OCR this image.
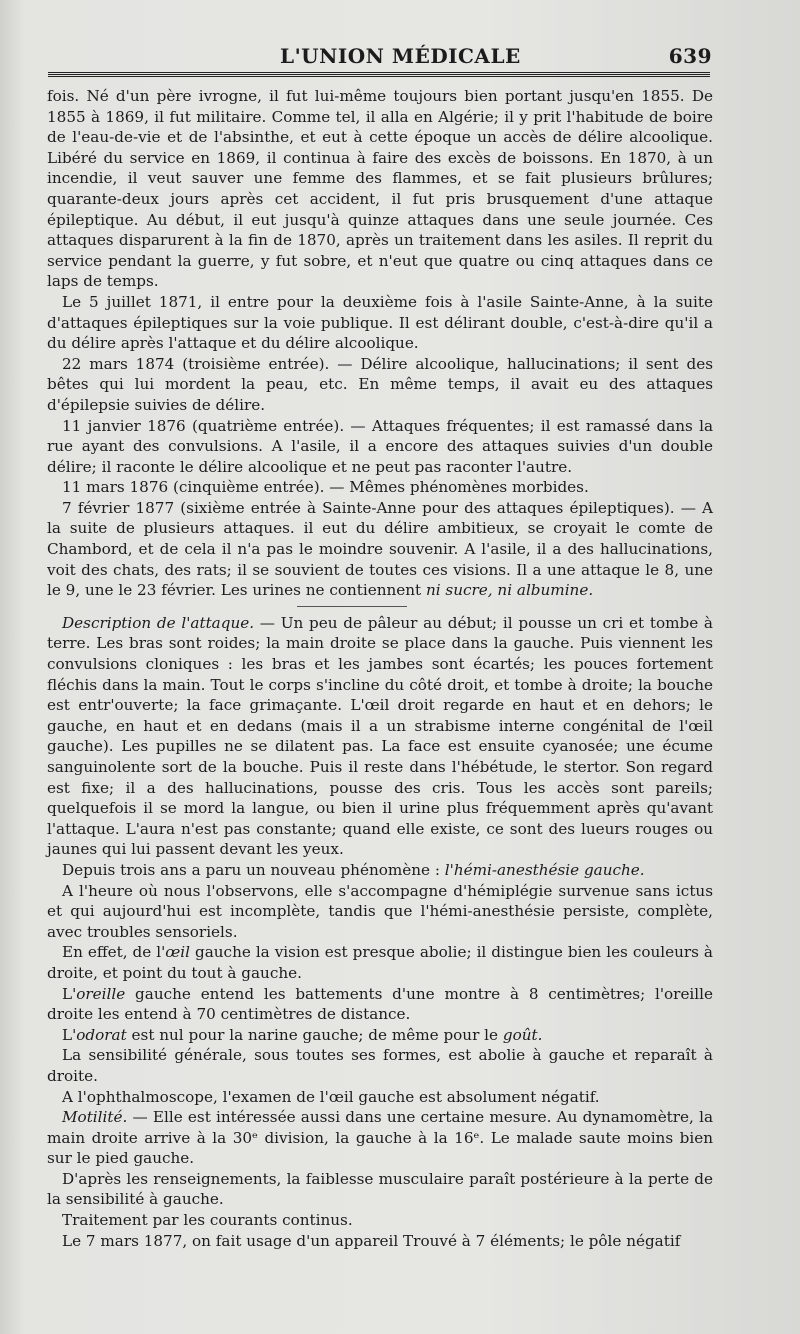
L'UNION MÉDICALE	639

fois. Né d'un père ivrogne, il fut lui-même toujours bien portant jusqu'en 1855. De 1855 à 1869, il fut militaire. Comme tel, il alla en Algérie; il y prit l'habitude de boire de l'eau-de-vie et de l'absinthe, et eut à cette époque un accès de délire alcoolique. Libéré du service en 1869, il continua à faire des excès de boissons. En 1870, à un incendie, il veut sauver une femme des flammes, et se fait plusieurs brûlures; quarante-deux jours après cet accident, il fut pris brusquement d'une attaque épileptique. Au début, il eut jusqu'à quinze attaques dans une seule journée. Ces attaques disparurent à la fin de 1870, après un traitement dans les asiles. Il reprit du service pendant la guerre, y fut sobre, et n'eut que quatre ou cinq attaques dans ce laps de temps.

Le 5 juillet 1871, il entre pour la deuxième fois à l'asile Sainte-Anne, à la suite d'attaques épileptiques sur la voie publique. Il est délirant double, c'est-à-dire qu'il a du délire après l'attaque et du délire alcoolique.

22 mars 1874 (troisième entrée). — Délire alcoolique, hallucinations; il sent des bêtes qui lui mordent la peau, etc. En même temps, il avait eu des attaques d'épilepsie suivies de délire.

11 janvier 1876 (quatrième entrée). — Attaques fréquentes; il est ramassé dans la rue ayant des convulsions. A l'asile, il a encore des attaques suivies d'un double délire; il raconte le délire alcoolique et ne peut pas raconter l'autre.

11 mars 1876 (cinquième entrée). — Mêmes phénomènes morbides.

7 février 1877 (sixième entrée à Sainte-Anne pour des attaques épileptiques). — A la suite de plusieurs attaques. il eut du délire ambitieux, se croyait le comte de Chambord, et de cela il n'a pas le moindre souvenir. A l'asile, il a des hallucinations, voit des chats, des rats; il se souvient de toutes ces visions. Il a une attaque le 8, une le 9, une le 23 février. Les urines ne contiennent ni sucre, ni albumine.

Description de l'attaque. — Un peu de pâleur au début; il pousse un cri et tombe à terre. Les bras sont roides; la main droite se place dans la gauche. Puis viennent les convulsions cloniques : les bras et les jambes sont écartés; les pouces fortement fléchis dans la main. Tout le corps s'incline du côté droit, et tombe à droite; la bouche est entr'ouverte; la face grimaçante. L'œil droit regarde en haut et en dehors; le gauche, en haut et en dedans (mais il a un strabisme interne congénital de l'œil gauche). Les pupilles ne se dilatent pas. La face est ensuite cyanosée; une écume sanguinolente sort de la bouche. Puis il reste dans l'hébétude, le stertor. Son regard est fixe; il a des hallucinations, pousse des cris. Tous les accès sont pareils; quelquefois il se mord la langue, ou bien il urine plus fréquemment après qu'avant l'attaque. L'aura n'est pas constante; quand elle existe, ce sont des lueurs rouges ou jaunes qui lui passent devant les yeux.

Depuis trois ans a paru un nouveau phénomène : l'hémi-anesthésie gauche.

A l'heure où nous l'observons, elle s'accompagne d'hémiplégie survenue sans ictus et qui aujourd'hui est incomplète, tandis que l'hémi-anesthésie persiste, complète, avec troubles sensoriels.

En effet, de l'œil gauche la vision est presque abolie; il distingue bien les couleurs à droite, et point du tout à gauche.

L'oreille gauche entend les battements d'une montre à 8 centimètres; l'oreille droite les entend à 70 centimètres de distance.

L'odorat est nul pour la narine gauche; de même pour le goût.

La sensibilité générale, sous toutes ses formes, est abolie à gauche et reparaît à droite.

A l'ophthalmoscope, l'examen de l'œil gauche est absolument négatif.

Motilité. — Elle est intéressée aussi dans une certaine mesure. Au dynamomètre, la main droite arrive à la 30ᵉ division, la gauche à la 16ᵉ. Le malade saute moins bien sur le pied gauche.

D'après les renseignements, la faiblesse musculaire paraît postérieure à la perte de la sensibilité à gauche.

Traitement par les courants continus.

Le 7 mars 1877, on fait usage d'un appareil Trouvé à 7 éléments; le pôle négatif
